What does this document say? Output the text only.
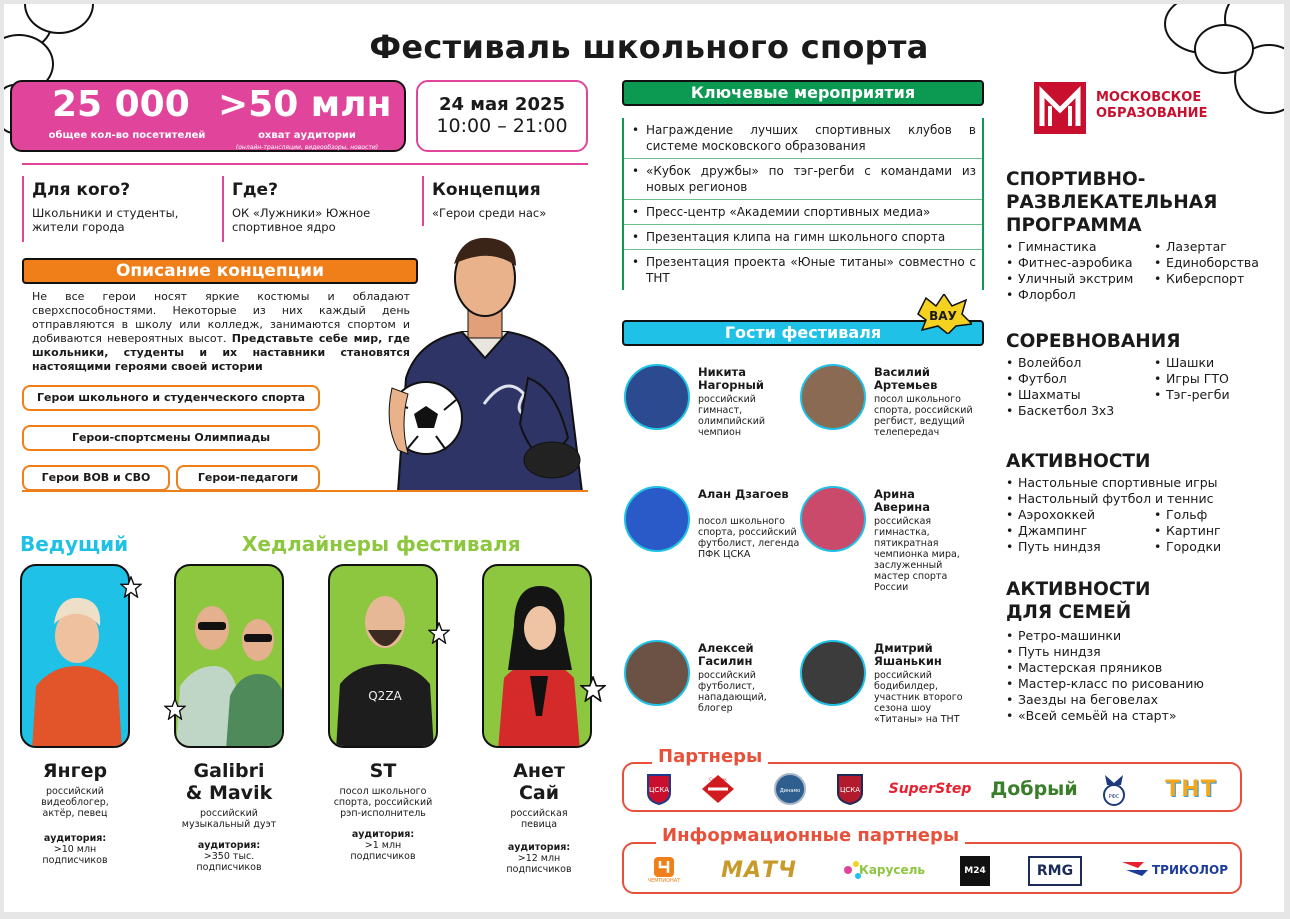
Фестиваль школьного спорта
25 000
общее кол-во посетителей
>50 млн
охват аудитории
(онлайн-трансляции, видеообзоры, новости)
24 мая 2025
10:00 – 21:00
Для кого?

Школьники и студенты, жители города

Где?

ОК «Лужники» Южное спортивное ядро

Концепция

«Герои среди нас»

Описание концепции
Не все герои носят яркие костюмы и обладают сверхспособностями. Некоторые из них каждый день отправляются в школу или колледж, занимаются спортом и добиваются невероятных высот. Представьте себе мир, где школьники, студенты и их наставники становятся настоящими героями своей истории
Герои школьного и студенческого спорта
Герои-спортсмены Олимпиады
Герои ВОВ и СВО	Герои-педагоги
Ведущий	Хедлайнеры фестиваля
Q2ZA
Янгер
российский видеоблогер, актёр, певец
аудитория:
>10 млн подписчиков
Galibri & Mavik
российский музыкальный дуэт
аудитория:
>350 тыс. подписчиков
ST
посол школьного спорта, российский рэп-исполнитель
аудитория:
>1 млн подписчиков
Анет Сай
российская певица
аудитория:
>12 млн подписчиков
Ключевые мероприятия
• Награждение лучших спортивных клубов в системе московского образования
• «Кубок дружбы» по тэг-регби с командами из новых регионов
• Пресс-центр «Академии спортивных медиа»
• Презентация клипа на гимн школьного спорта
• Презентация проекта «Юные титаны» совместно с ТНТ
Гости фестиваля
ВАУ
Никита Нагорный
российский гимнаст, олимпийский чемпион
Василий Артемьев
посол школьного спорта, российский регбист, ведущий телепередач
Алан Дзагоев
посол школьного спорта, российский футболист, легенда ПФК ЦСКА
Арина Аверина
российская гимнастка, пятикратная чемпионка мира, заслуженный мастер спорта России
Алексей Гасилин
российский футболист, нападающий, блогер
Дмитрий Яшанькин
российский бодибилдер, участник второго сезона шоу «Титаны» на ТНТ
МОСКОВСКОЕ
ОБРАЗОВАНИЕ
СПОРТИВНО-РАЗВЛЕКАТЕЛЬНАЯ ПРОГРАММА
• Гимнастика
• Фитнес-аэробика
• Уличный экстрим
• Флорбол
• Лазертаг
• Единоборства
• Киберспорт
СОРЕВНОВАНИЯ
• Волейбол
• Футбол
• Шахматы
• Баскетбол 3х3
• Шашки
• Игры ГТО
• Тэг-регби
АКТИВНОСТИ
• Настольные спортивные игры
• Настольный футбол и теннис
• Аэрохоккей
• Джампинг
• Путь ниндзя
• Гольф
• Картинг
• Городки
АКТИВНОСТИ ДЛЯ СЕМЕЙ
• Ретро-машинки
• Путь ниндзя
• Мастерская пряников
• Мастер-класс по рисованию
• Заезды на беговелах
• «Всей семьёй на старт»
Партнеры
ЦСКА
Спартак
Динамо	ЦСКА SuperStep Добрый	РФС	ТНТ
Информационные партнеры
ЧЕМПИОНАТ МАТЧ	Карусель	M24	RMG	ТРИКОЛОР
